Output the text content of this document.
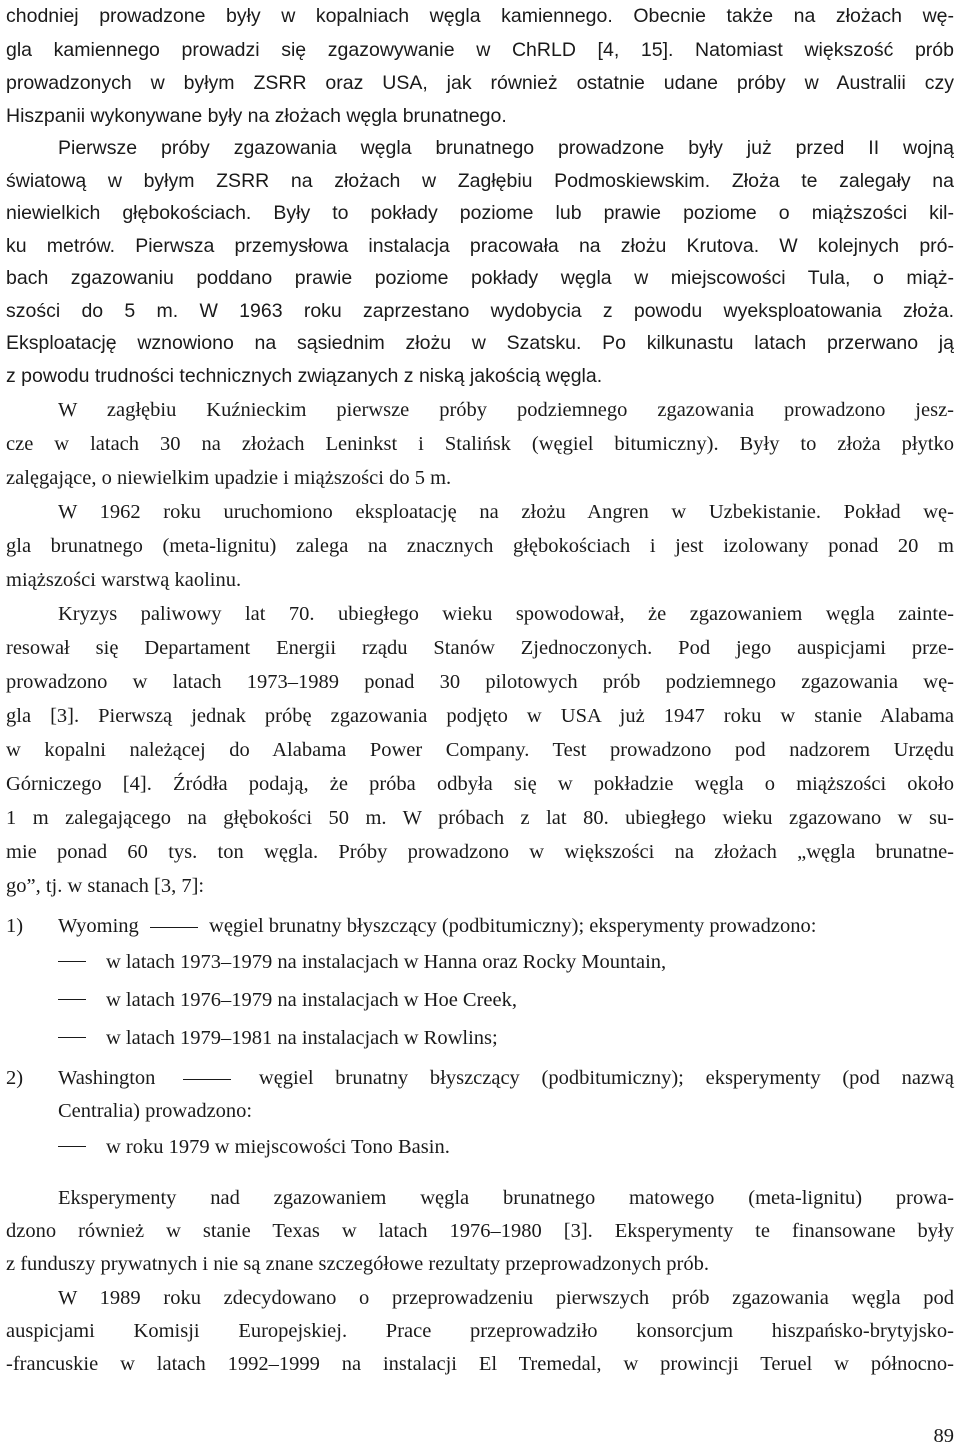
chodniej prowadzone były w kopalniach węgla kamiennego. Obecnie także na złożach wę-
gla kamiennego prowadzi się zgazowywanie w ChRLD [4, 15]. Natomiast większość prób
prowadzonych w byłym ZSRR oraz USA, jak również ostatnie udane próby w Australii czy
Hiszpanii wykonywane były na złożach węgla brunatnego.
Pierwsze próby zgazowania węgla brunatnego prowadzone były już przed II wojną
światową w byłym ZSRR na złożach w Zagłębiu Podmoskiewskim. Złoża te zalegały na
niewielkich głębokościach. Były to pokłady poziome lub prawie poziome o miąższości kil-
ku metrów. Pierwsza przemysłowa instalacja pracowała na złożu Krutova. W kolejnych pró-
bach zgazowaniu poddano prawie poziome pokłady węgla w miejscowości Tula, o miąż-
szości do 5 m. W 1963 roku zaprzestano wydobycia z powodu wyeksploatowania złoża.
Eksploatację wznowiono na sąsiednim złożu w Szatsku. Po kilkunastu latach przerwano ją
z powodu trudności technicznych związanych z niską jakością węgla.
W zagłębiu Kuźnieckim pierwsze próby podziemnego zgazowania prowadzono jesz-
cze w latach 30 na złożach Leninkst i Stalińsk (węgiel bitumiczny). Były to złoża płytko
zalęgające, o niewielkim upadzie i miąższości do 5 m.
W 1962 roku uruchomiono eksploatację na złożu Angren w Uzbekistanie. Pokład wę-
gla brunatnego (meta-lignitu) zalega na znacznych głębokościach i jest izolowany ponad 20 m
miąższości warstwą kaolinu.
Kryzys paliwowy lat 70. ubiegłego wieku spowodował, że zgazowaniem węgla zainte-
resował się Departament Energii rządu Stanów Zjednoczonych. Pod jego auspicjami prze-
prowadzono w latach 1973–1989 ponad 30 pilotowych prób podziemnego zgazowania wę-
gla [3]. Pierwszą jednak próbę zgazowania podjęto w USA już 1947 roku w stanie Alabama
w kopalni należącej do Alabama Power Company. Test prowadzono pod nadzorem Urzędu
Górniczego [4]. Źródła podają, że próba odbyła się w pokładzie węgla o miąższości około
1 m zalegającego na głębokości 50 m. W próbach z lat 80. ubiegłego wieku zgazowano w su-
mie ponad 60 tys. ton węgla. Próby prowadzono w większości na złożach „węgla brunatne-
go”, tj. w stanach [3, 7]:
1) Wyoming	węgiel brunatny błyszczący (podbitumiczny); eksperymenty prowadzono:
w latach 1973–1979 na instalacjach w Hanna oraz Rocky Mountain,
w latach 1976–1979 na instalacjach w Hoe Creek,
w latach 1979–1981 na instalacjach w Rowlins;
2) Washington	węgiel brunatny błyszczący (podbitumiczny); eksperymenty (pod nazwą
Centralia) prowadzono:
w roku 1979 w miejscowości Tono Basin.
Eksperymenty nad zgazowaniem węgla brunatnego matowego (meta-lignitu) prowa-
dzono również w stanie Texas w latach 1976–1980 [3]. Eksperymenty te finansowane były
z funduszy prywatnych i nie są znane szczegółowe rezultaty przeprowadzonych prób.
W 1989 roku zdecydowano o przeprowadzeniu pierwszych prób zgazowania węgla pod
auspicjami Komisji Europejskiej. Prace przeprowadziło konsorcjum hiszpańsko-brytyjsko-
-francuskie w latach 1992–1999 na instalacji El Tremedal, w prowincji Teruel w północno-
89
